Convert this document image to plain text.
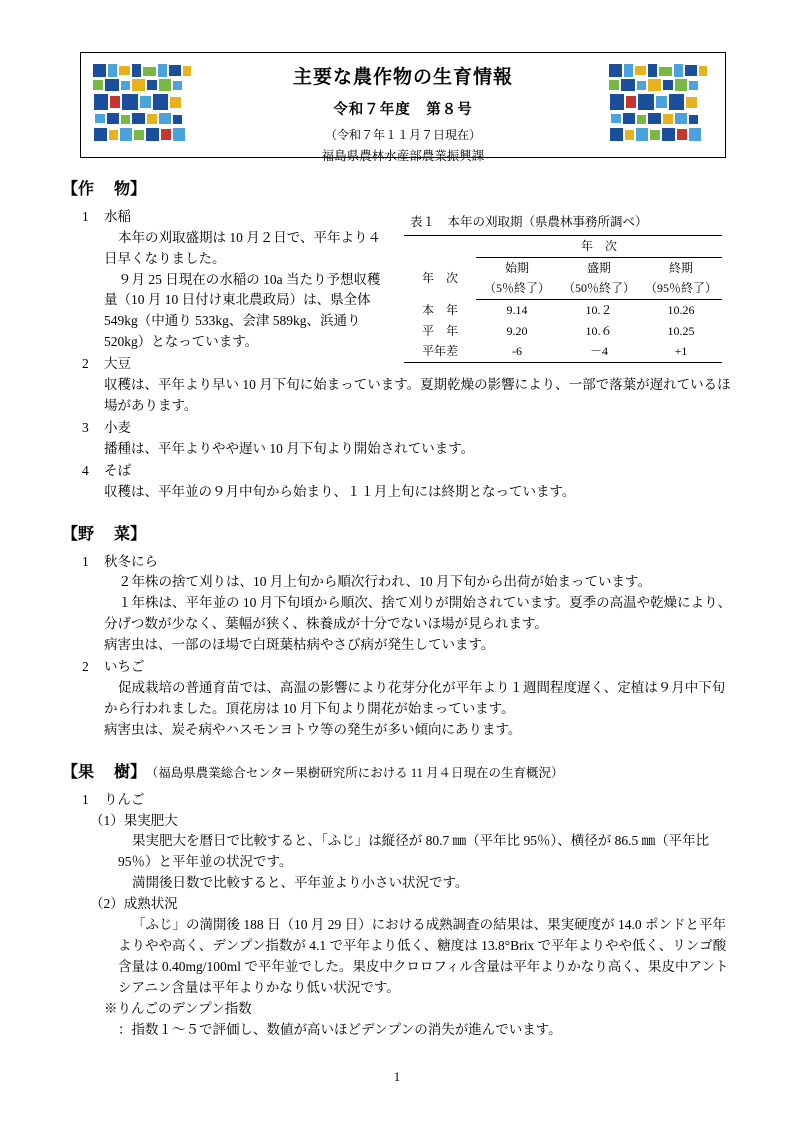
主要な農作物の生育情報
令和７年度　第８号
（令和７年１１月７日現在）
福島県農林水産部農業振興課
【作　 物】
表１　本年の刈取期（県農林事務所調べ）
	年　次		
年　次	始期	盛期	終期
	（5％終了）	（50％終了）	（95％終了）
本　年	9.14	10.２	10.26
平　年	9.20	10.６	10.25
平年差	-6	－4	+1
1 水稲
本年の刈取盛期は 10 月２日で、平年より４日早くなりました。
９月 25 日現在の水稲の 10a 当たり予想収穫量（10 月 10 日付け東北農政局）は、県全体 549kg（中通り 533kg、会津 589kg、浜通り 520kg）となっています。
2 大豆
収穫は、平年より早い 10 月下旬に始まっています。夏期乾燥の影響により、一部で落葉が遅れているほ場があります。
3 小麦
播種は、平年よりやや遅い 10 月下旬より開始されています。
4 そば
収穫は、平年並の９月中旬から始まり、１１月上旬には終期となっています。
【野　 菜】
1 秋冬にら
２年株の捨て刈りは、10 月上旬から順次行われ、10 月下旬から出荷が始まっています。
１年株は、平年並の 10 月下旬頃から順次、捨て刈りが開始されています。夏季の高温や乾燥により、分げつ数が少なく、葉幅が狭く、株養成が十分でないほ場が見られます。
病害虫は、一部のほ場で白斑葉枯病やさび病が発生しています。
2 いちご
促成栽培の普通育苗では、高温の影響により花芽分化が平年より１週間程度遅く、定植は９月中下旬から行われました。頂花房は 10 月下旬より開花が始まっています。
病害虫は、炭そ病やハスモンヨトウ等の発生が多い傾向にあります。
【果　 樹】 （福島県農業総合センター果樹研究所における 11 月４日現在の生育概況）
1 りんご
（1）果実肥大
果実肥大を暦日で比較すると、「ふじ」は縦径が 80.7 ㎜（平年比 95％）、横径が 86.5 ㎜（平年比 95％）と平年並の状況です。
満開後日数で比較すると、平年並より小さい状況です。
（2）成熟状況
「ふじ」の満開後 188 日（10 月 29 日）における成熟調査の結果は、果実硬度が 14.0 ポンドと平年よりやや高く、デンプン指数が 4.1 で平年より低く、糖度は 13.8°Brix で平年よりやや低く、リンゴ酸含量は 0.40mg/100ml で平年並でした。果皮中クロロフィル含量は平年よりかなり高く、果皮中アントシアニン含量は平年よりかなり低い状況です。
※りんごのデンプン指数
：指数１～５で評価し、数値が高いほどデンプンの消失が進んでいます。
1
